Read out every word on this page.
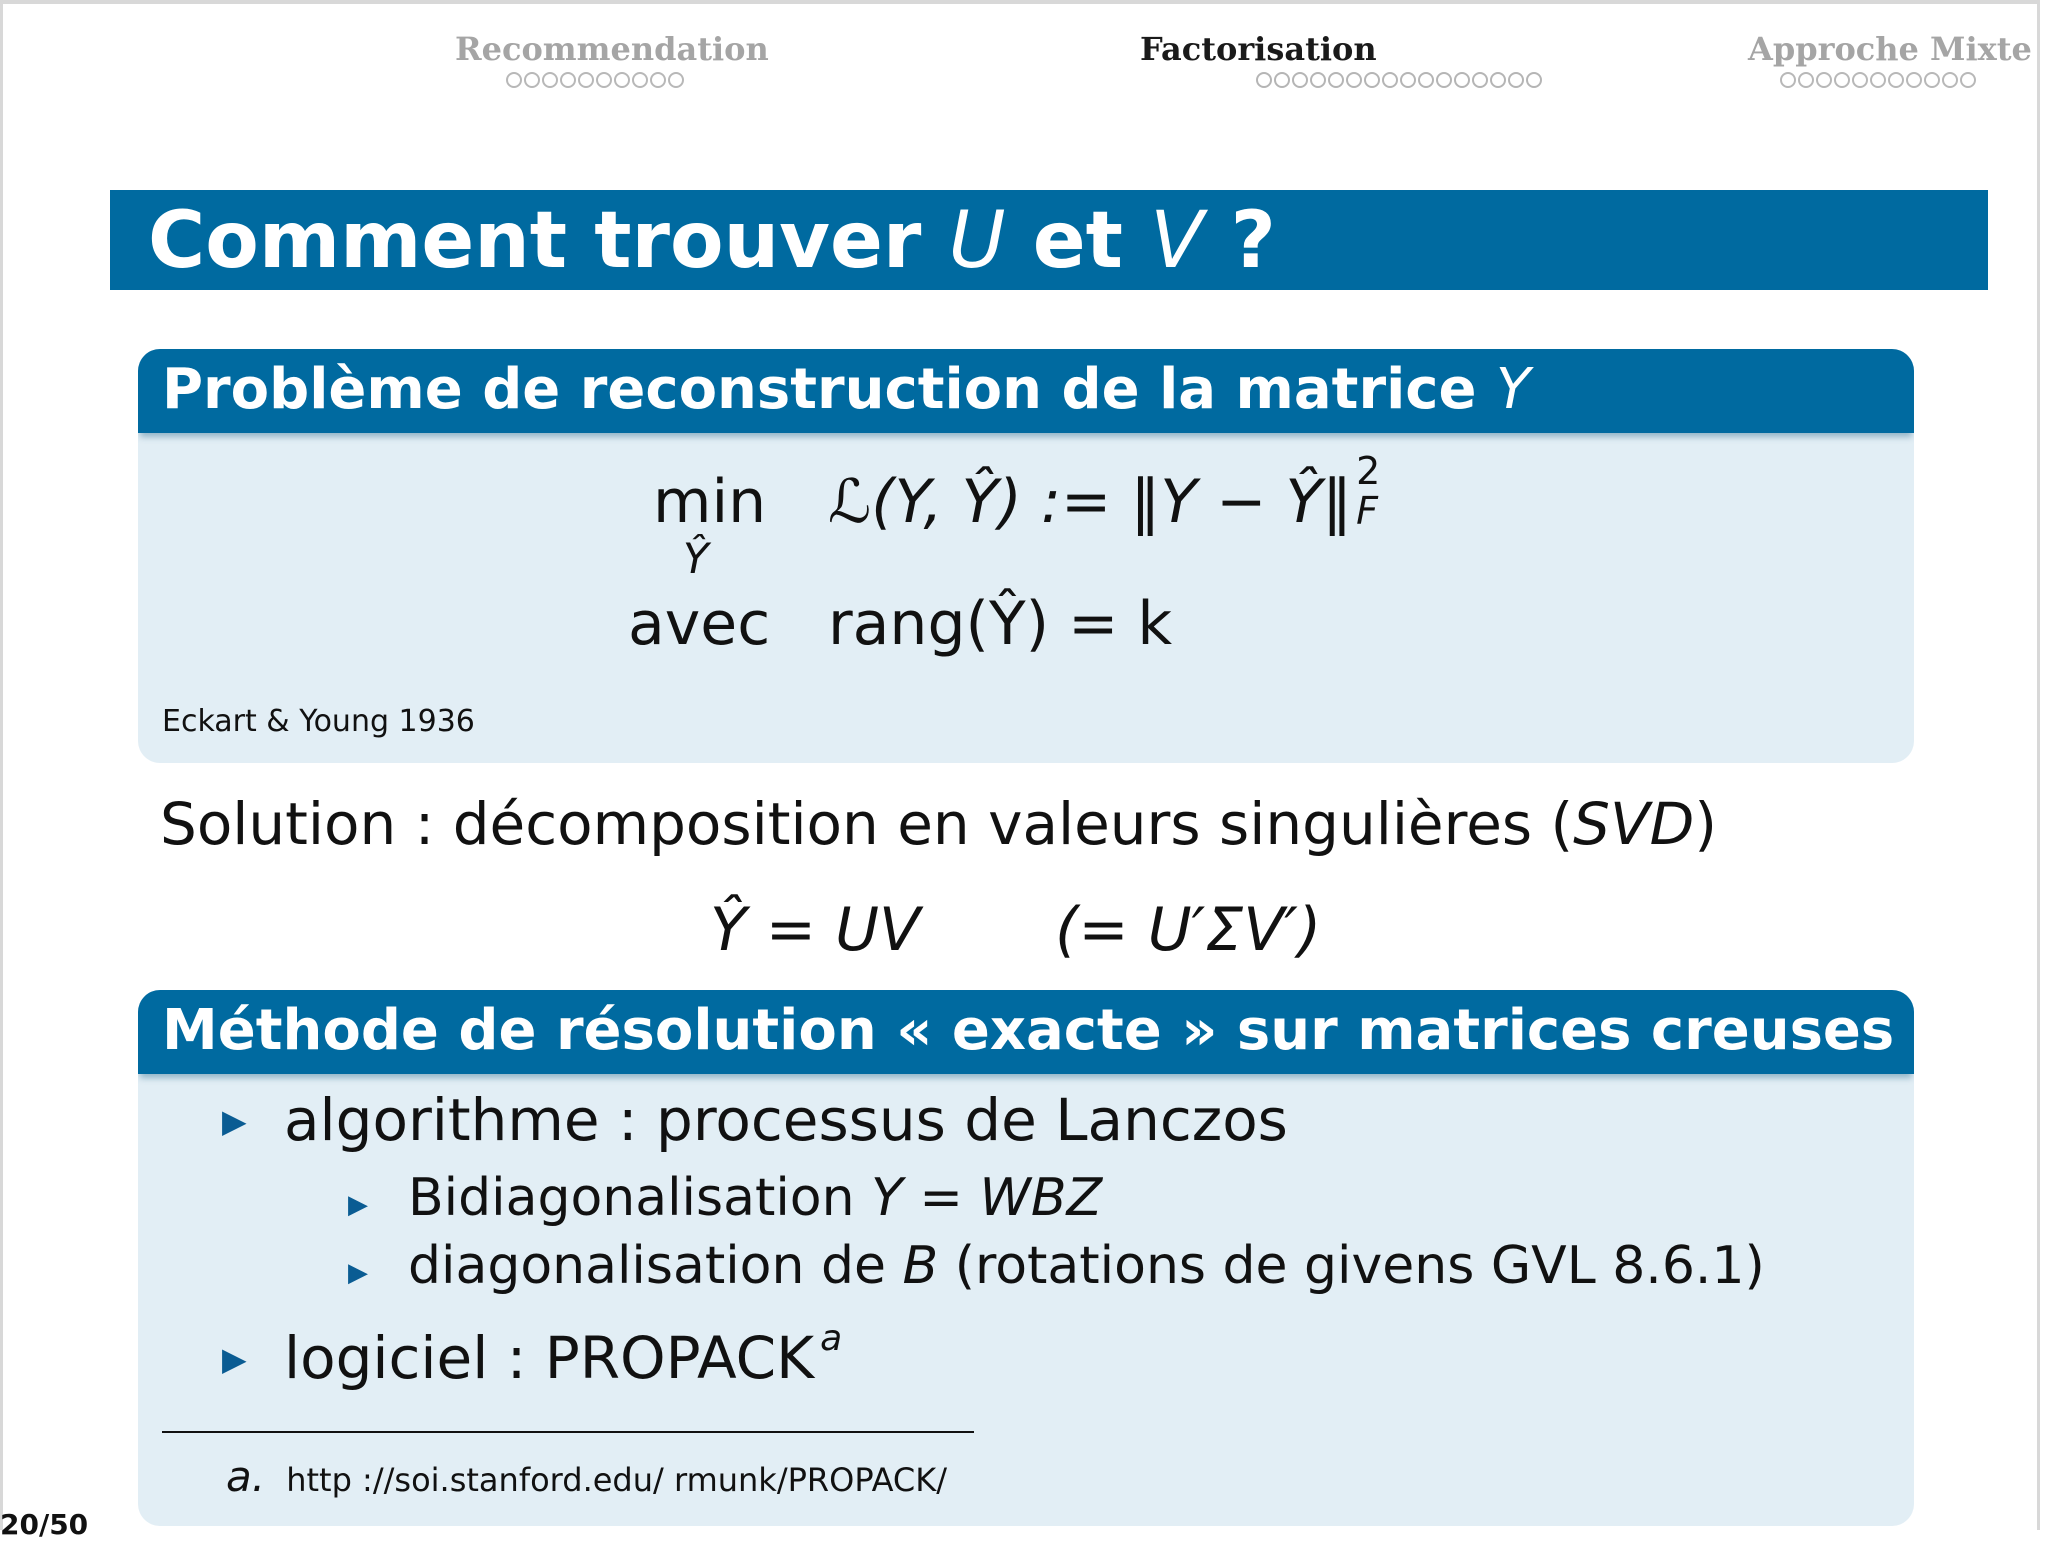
Recommendation	Factorisation	Approche Mixte
Comment trouver U et V ?
Problème de reconstruction de la matrice Y
min
Ŷ
ℒ(Y, Ŷ) := ‖Y − Ŷ‖ 2
F
avec rang(Ŷ) = k
Eckart & Young 1936
Solution : décomposition en valeurs singulières (SVD)
Ŷ = UV (= U′ΣV′)
Méthode de résolution « exacte » sur matrices creuses
▶ algorithme : processus de Lanczos
▶ Bidiagonalisation Y = WBZ
▶ diagonalisation de B (rotations de givens GVL 8.6.1)
▶ logiciel : PROPACK $^a$
a. http ://soi.stanford.edu/ rmunk/PROPACK/
20/50
